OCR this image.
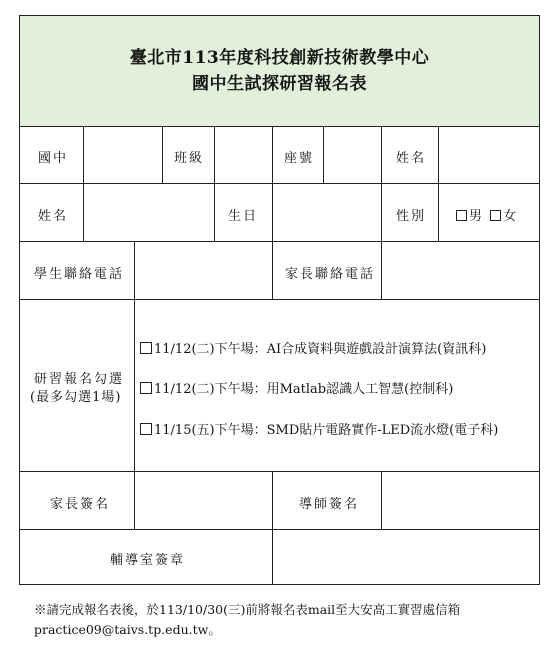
臺北市113年度科技創新技術教學中心
國中生試探研習報名表
國中	班級	座號	姓名
姓名	生日	性別	男 女
學生聯絡電話	家長聯絡電話
研習報名勾選
(最多勾選1場)
11/12(二)下午場：AI合成資料與遊戲設計演算法(資訊科)
11/12(二)下午場：用Matlab認識人工智慧(控制科)
11/15(五)下午場：SMD貼片電路實作-LED流水燈(電子科)
家長簽名	導師簽名
輔導室簽章
※請完成報名表後，於113/10/30(三)前將報名表mail至大安高工實習處信箱
practice09@taivs.tp.edu.tw。
